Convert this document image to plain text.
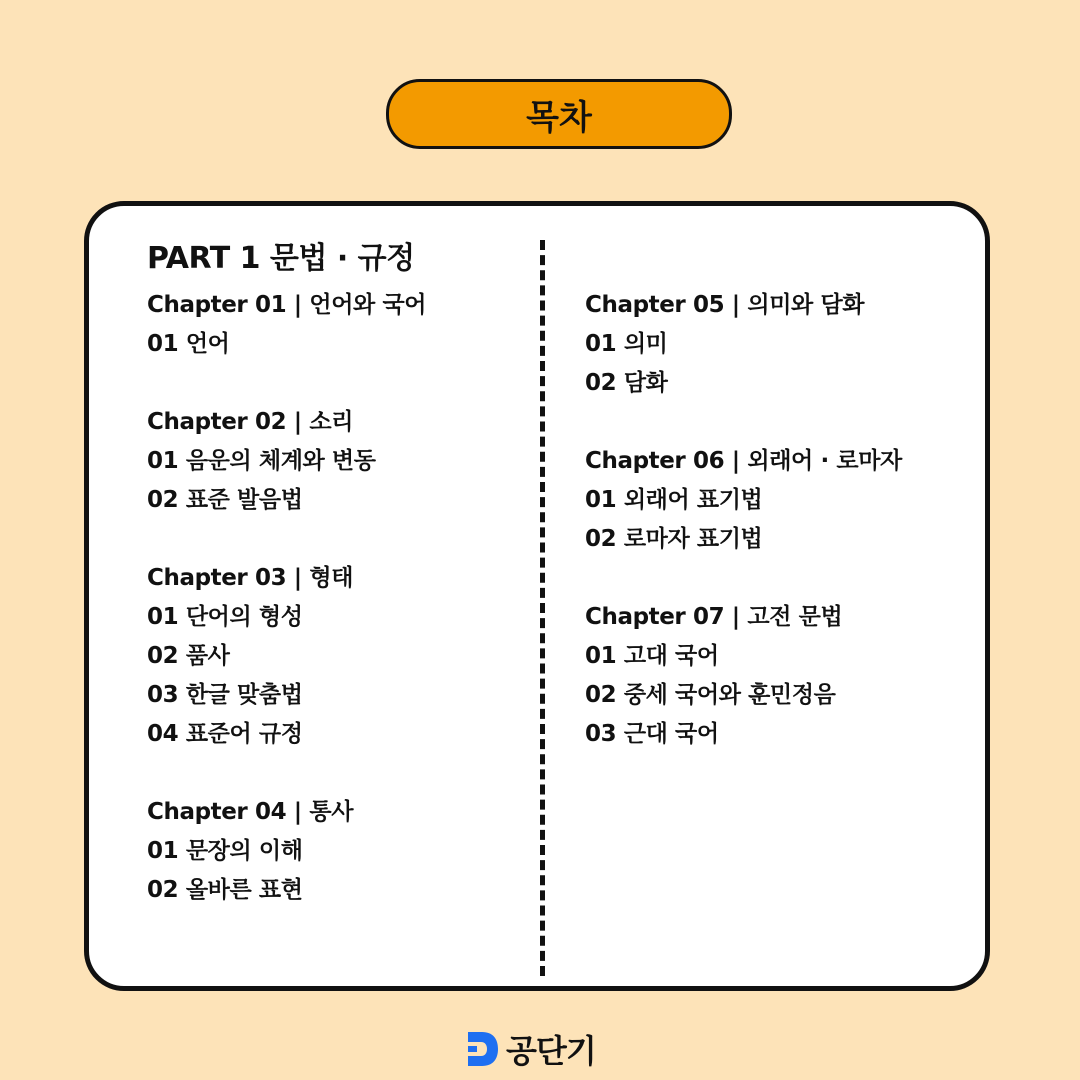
목차
PART 1 문법 · 규정
Chapter 01 | 언어와 국어
01 언어
Chapter 02 | 소리
01 음운의 체계와 변동
02 표준 발음법
Chapter 03 | 형태
01 단어의 형성
02 품사
03 한글 맞춤법
04 표준어 규정
Chapter 04 | 통사
01 문장의 이해
02 올바른 표현
Chapter 05 | 의미와 담화
01 의미
02 담화
Chapter 06 | 외래어 · 로마자
01 외래어 표기법
02 로마자 표기법
Chapter 07 | 고전 문법
01 고대 국어
02 중세 국어와 훈민정음
03 근대 국어
공단기
